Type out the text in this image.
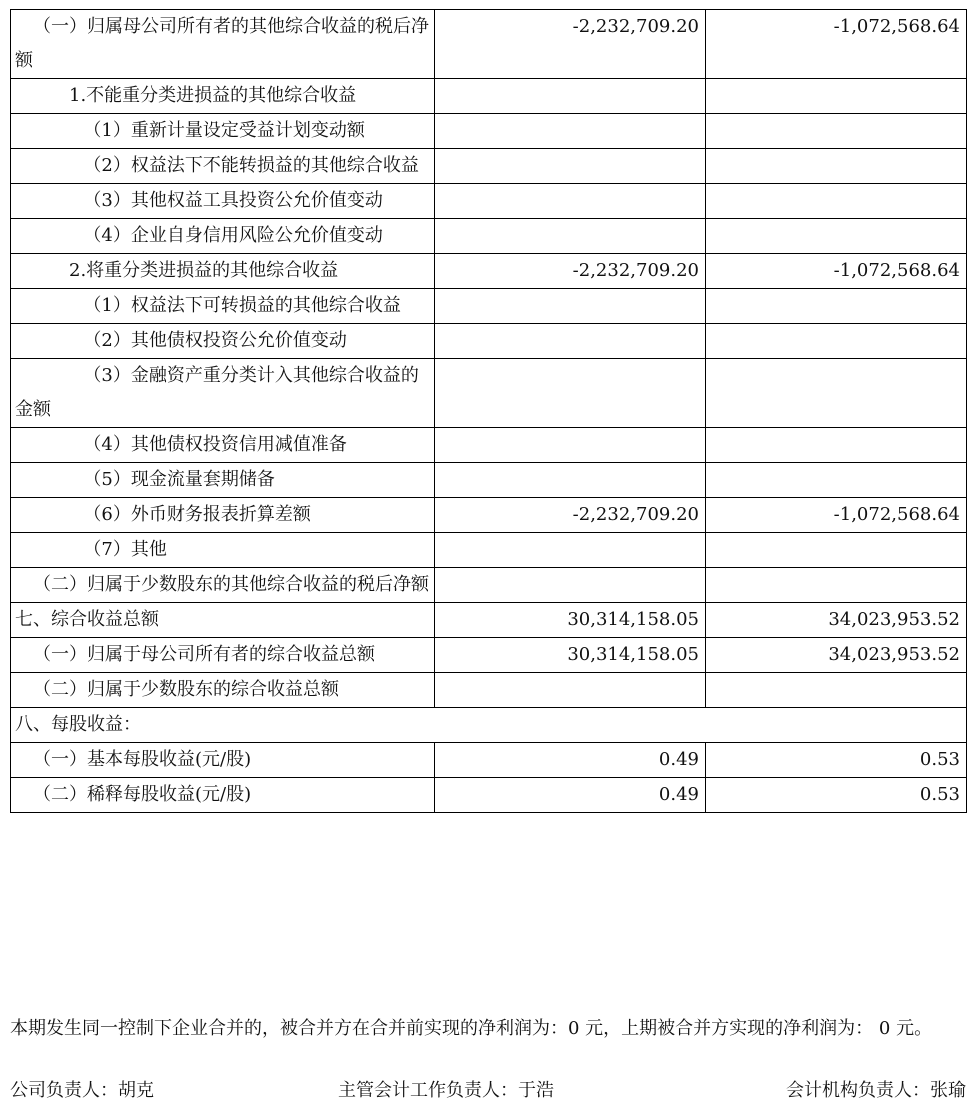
（一）归属母公司所有者的其他综合收益的税后净额	-2,232,709.20	-1,072,568.64
1.不能重分类进损益的其他综合收益		
（1）重新计量设定受益计划变动额		
（2）权益法下不能转损益的其他综合收益		
（3）其他权益工具投资公允价值变动		
（4）企业自身信用风险公允价值变动		
2.将重分类进损益的其他综合收益	-2,232,709.20	-1,072,568.64
（1）权益法下可转损益的其他综合收益		
（2）其他债权投资公允价值变动		
（3）金融资产重分类计入其他综合收益的金额		
（4）其他债权投资信用减值准备		
（5）现金流量套期储备		
（6）外币财务报表折算差额	-2,232,709.20	-1,072,568.64
（7）其他		
（二）归属于少数股东的其他综合收益的税后净额		
七、综合收益总额	30,314,158.05	34,023,953.52
（一）归属于母公司所有者的综合收益总额	30,314,158.05	34,023,953.52
（二）归属于少数股东的综合收益总额		
八、每股收益：		
（一）基本每股收益(元/股)	0.49	0.53
（二）稀释每股收益(元/股)	0.49	0.53
本期发生同一控制下企业合并的，被合并方在合并前实现的净利润为：0 元，上期被合并方实现的净利润为： 0 元。
公司负责人：胡克	主管会计工作负责人：于浩	会计机构负责人：张瑜
